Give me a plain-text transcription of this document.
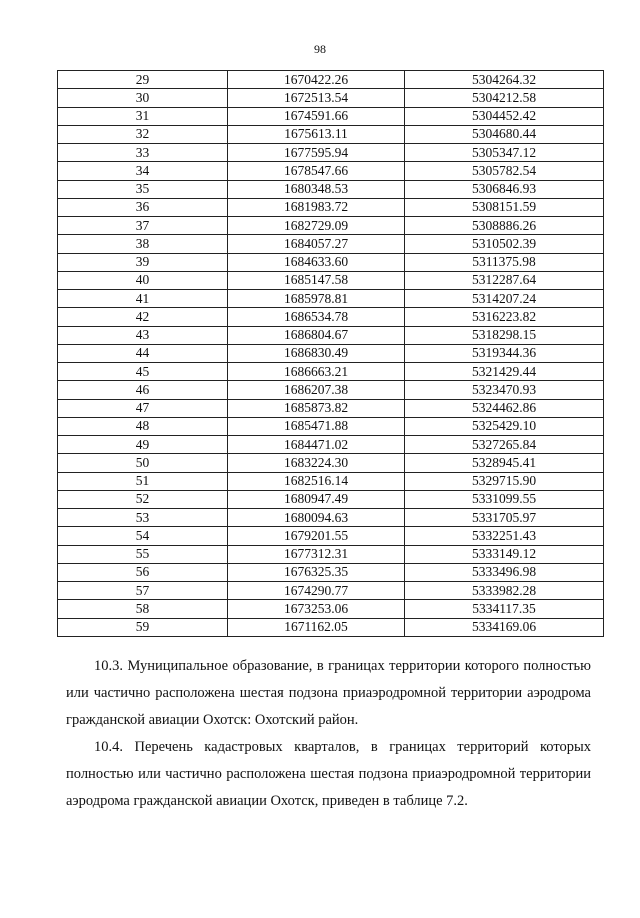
98
29	1670422.26	5304264.32
30	1672513.54	5304212.58
31	1674591.66	5304452.42
32	1675613.11	5304680.44
33	1677595.94	5305347.12
34	1678547.66	5305782.54
35	1680348.53	5306846.93
36	1681983.72	5308151.59
37	1682729.09	5308886.26
38	1684057.27	5310502.39
39	1684633.60	5311375.98
40	1685147.58	5312287.64
41	1685978.81	5314207.24
42	1686534.78	5316223.82
43	1686804.67	5318298.15
44	1686830.49	5319344.36
45	1686663.21	5321429.44
46	1686207.38	5323470.93
47	1685873.82	5324462.86
48	1685471.88	5325429.10
49	1684471.02	5327265.84
50	1683224.30	5328945.41
51	1682516.14	5329715.90
52	1680947.49	5331099.55
53	1680094.63	5331705.97
54	1679201.55	5332251.43
55	1677312.31	5333149.12
56	1676325.35	5333496.98
57	1674290.77	5333982.28
58	1673253.06	5334117.35
59	1671162.05	5334169.06

10.3. Муниципальное образование, в границах территории которого полностью или частично расположена шестая подзона приаэродромной территории аэродрома гражданской авиации Охотск: Охотский район.

10.4. Перечень кадастровых кварталов, в границах территорий которых полностью или частично расположена шестая подзона приаэродромной территории аэродрома гражданской авиации Охотск, приведен в таблице 7.2.
